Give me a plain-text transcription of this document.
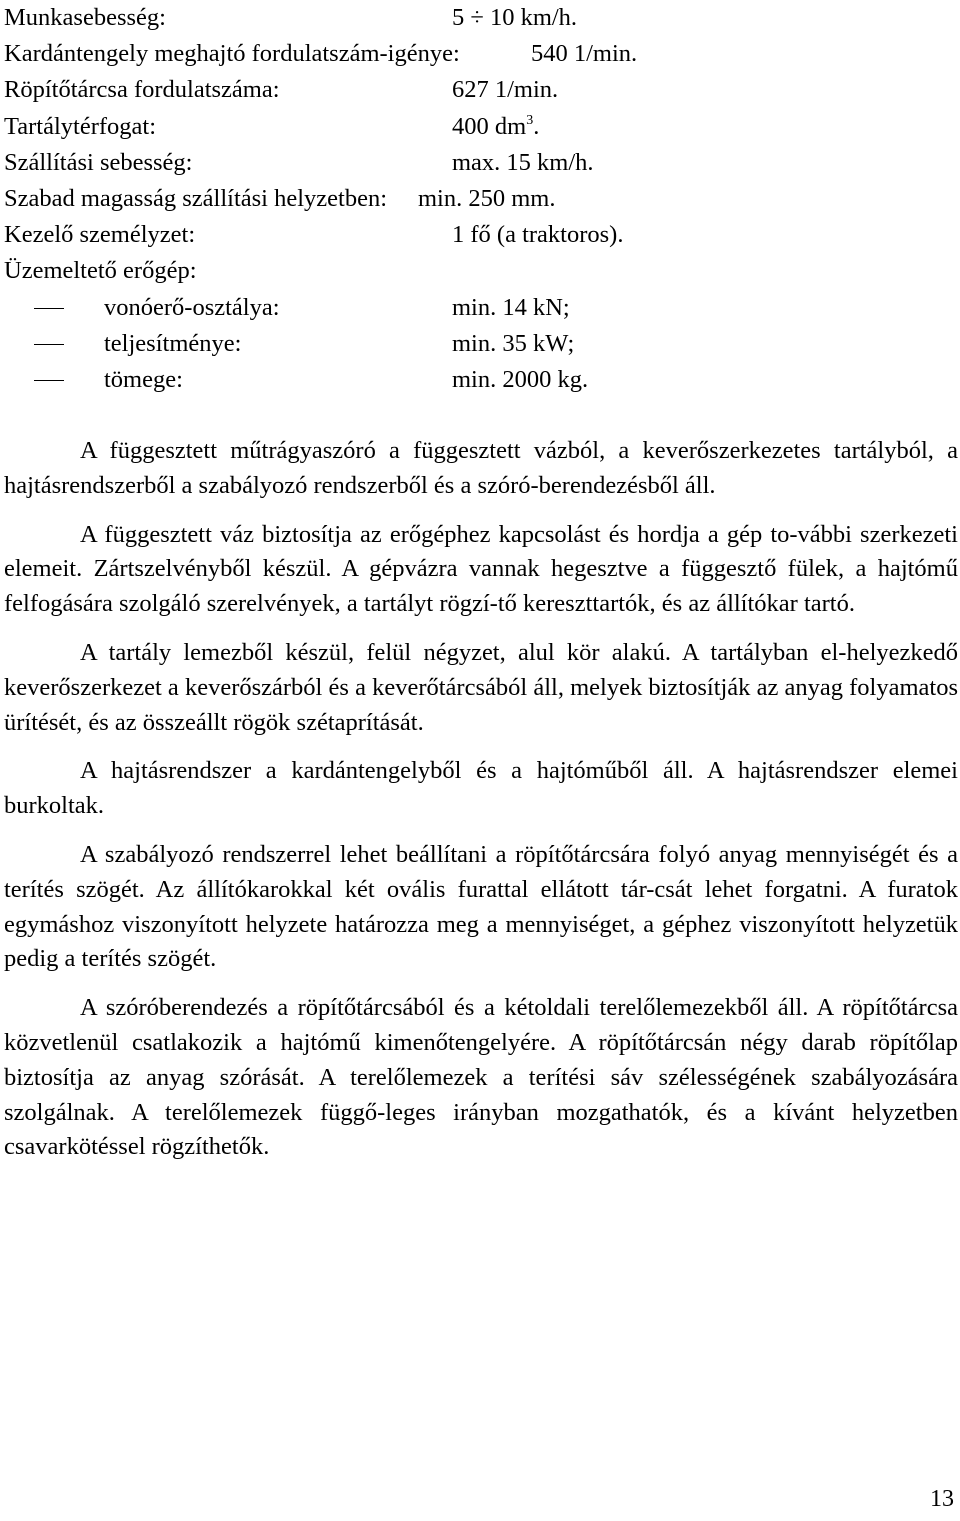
Munkasebesség:	5 ÷ 10 km/h.
Kardántengely meghajtó fordulatszám-igénye:	540 1/min.
Röpítőtárcsa fordulatszáma:	627 1/min.
Tartálytérfogat:	400 $dm^3$.
Szállítási sebesség:	max. 15 km/h.
Szabad magasság szállítási helyzetben: min. 250 mm.
Kezelő személyzet:	1 fő (a traktoros).
Üzemeltető erőgép:
vonóerő-osztálya:	min. 14 kN;
teljesítménye:	min. 35 kW;
tömege:	min. 2000 kg.

A függesztett műtrágyaszóró a függesztett vázból, a keverőszerkezetes tartályból, a hajtásrendszerből a szabályozó rendszerből és a szóró-berendezésből áll.

A függesztett váz biztosítja az erőgéphez kapcsolást és hordja a gép to-vábbi szerkezeti elemeit. Zártszelvényből készül. A gépvázra vannak hegesztve a függesztő fülek, a hajtómű felfogására szolgáló szerelvények, a tartályt rögzí-tő kereszttartók, és az állítókar tartó.

A tartály lemezből készül, felül négyzet, alul kör alakú. A tartályban el-helyezkedő keverőszerkezet a keverőszárból és a keverőtárcsából áll, melyek biztosítják az anyag folyamatos ürítését, és az összeállt rögök szétaprítását.

A hajtásrendszer a kardántengelyből és a hajtóműből áll. A hajtásrendszer elemei burkoltak.

A szabályozó rendszerrel lehet beállítani a röpítőtárcsára folyó anyag mennyiségét és a terítés szögét. Az állítókarokkal két ovális furattal ellátott tár-csát lehet forgatni. A furatok egymáshoz viszonyított helyzete határozza meg a mennyiséget, a géphez viszonyított helyzetük pedig a terítés szögét.

A szóróberendezés a röpítőtárcsából és a kétoldali terelőlemezekből áll. A röpítőtárcsa közvetlenül csatlakozik a hajtómű kimenőtengelyére. A röpítőtárcsán négy darab röpítőlap biztosítja az anyag szórását. A terelőlemezek a terítési sáv szélességének szabályozására szolgálnak. A terelőlemezek függő-leges irányban mozgathatók, és a kívánt helyzetben csavarkötéssel rögzíthetők.

13
